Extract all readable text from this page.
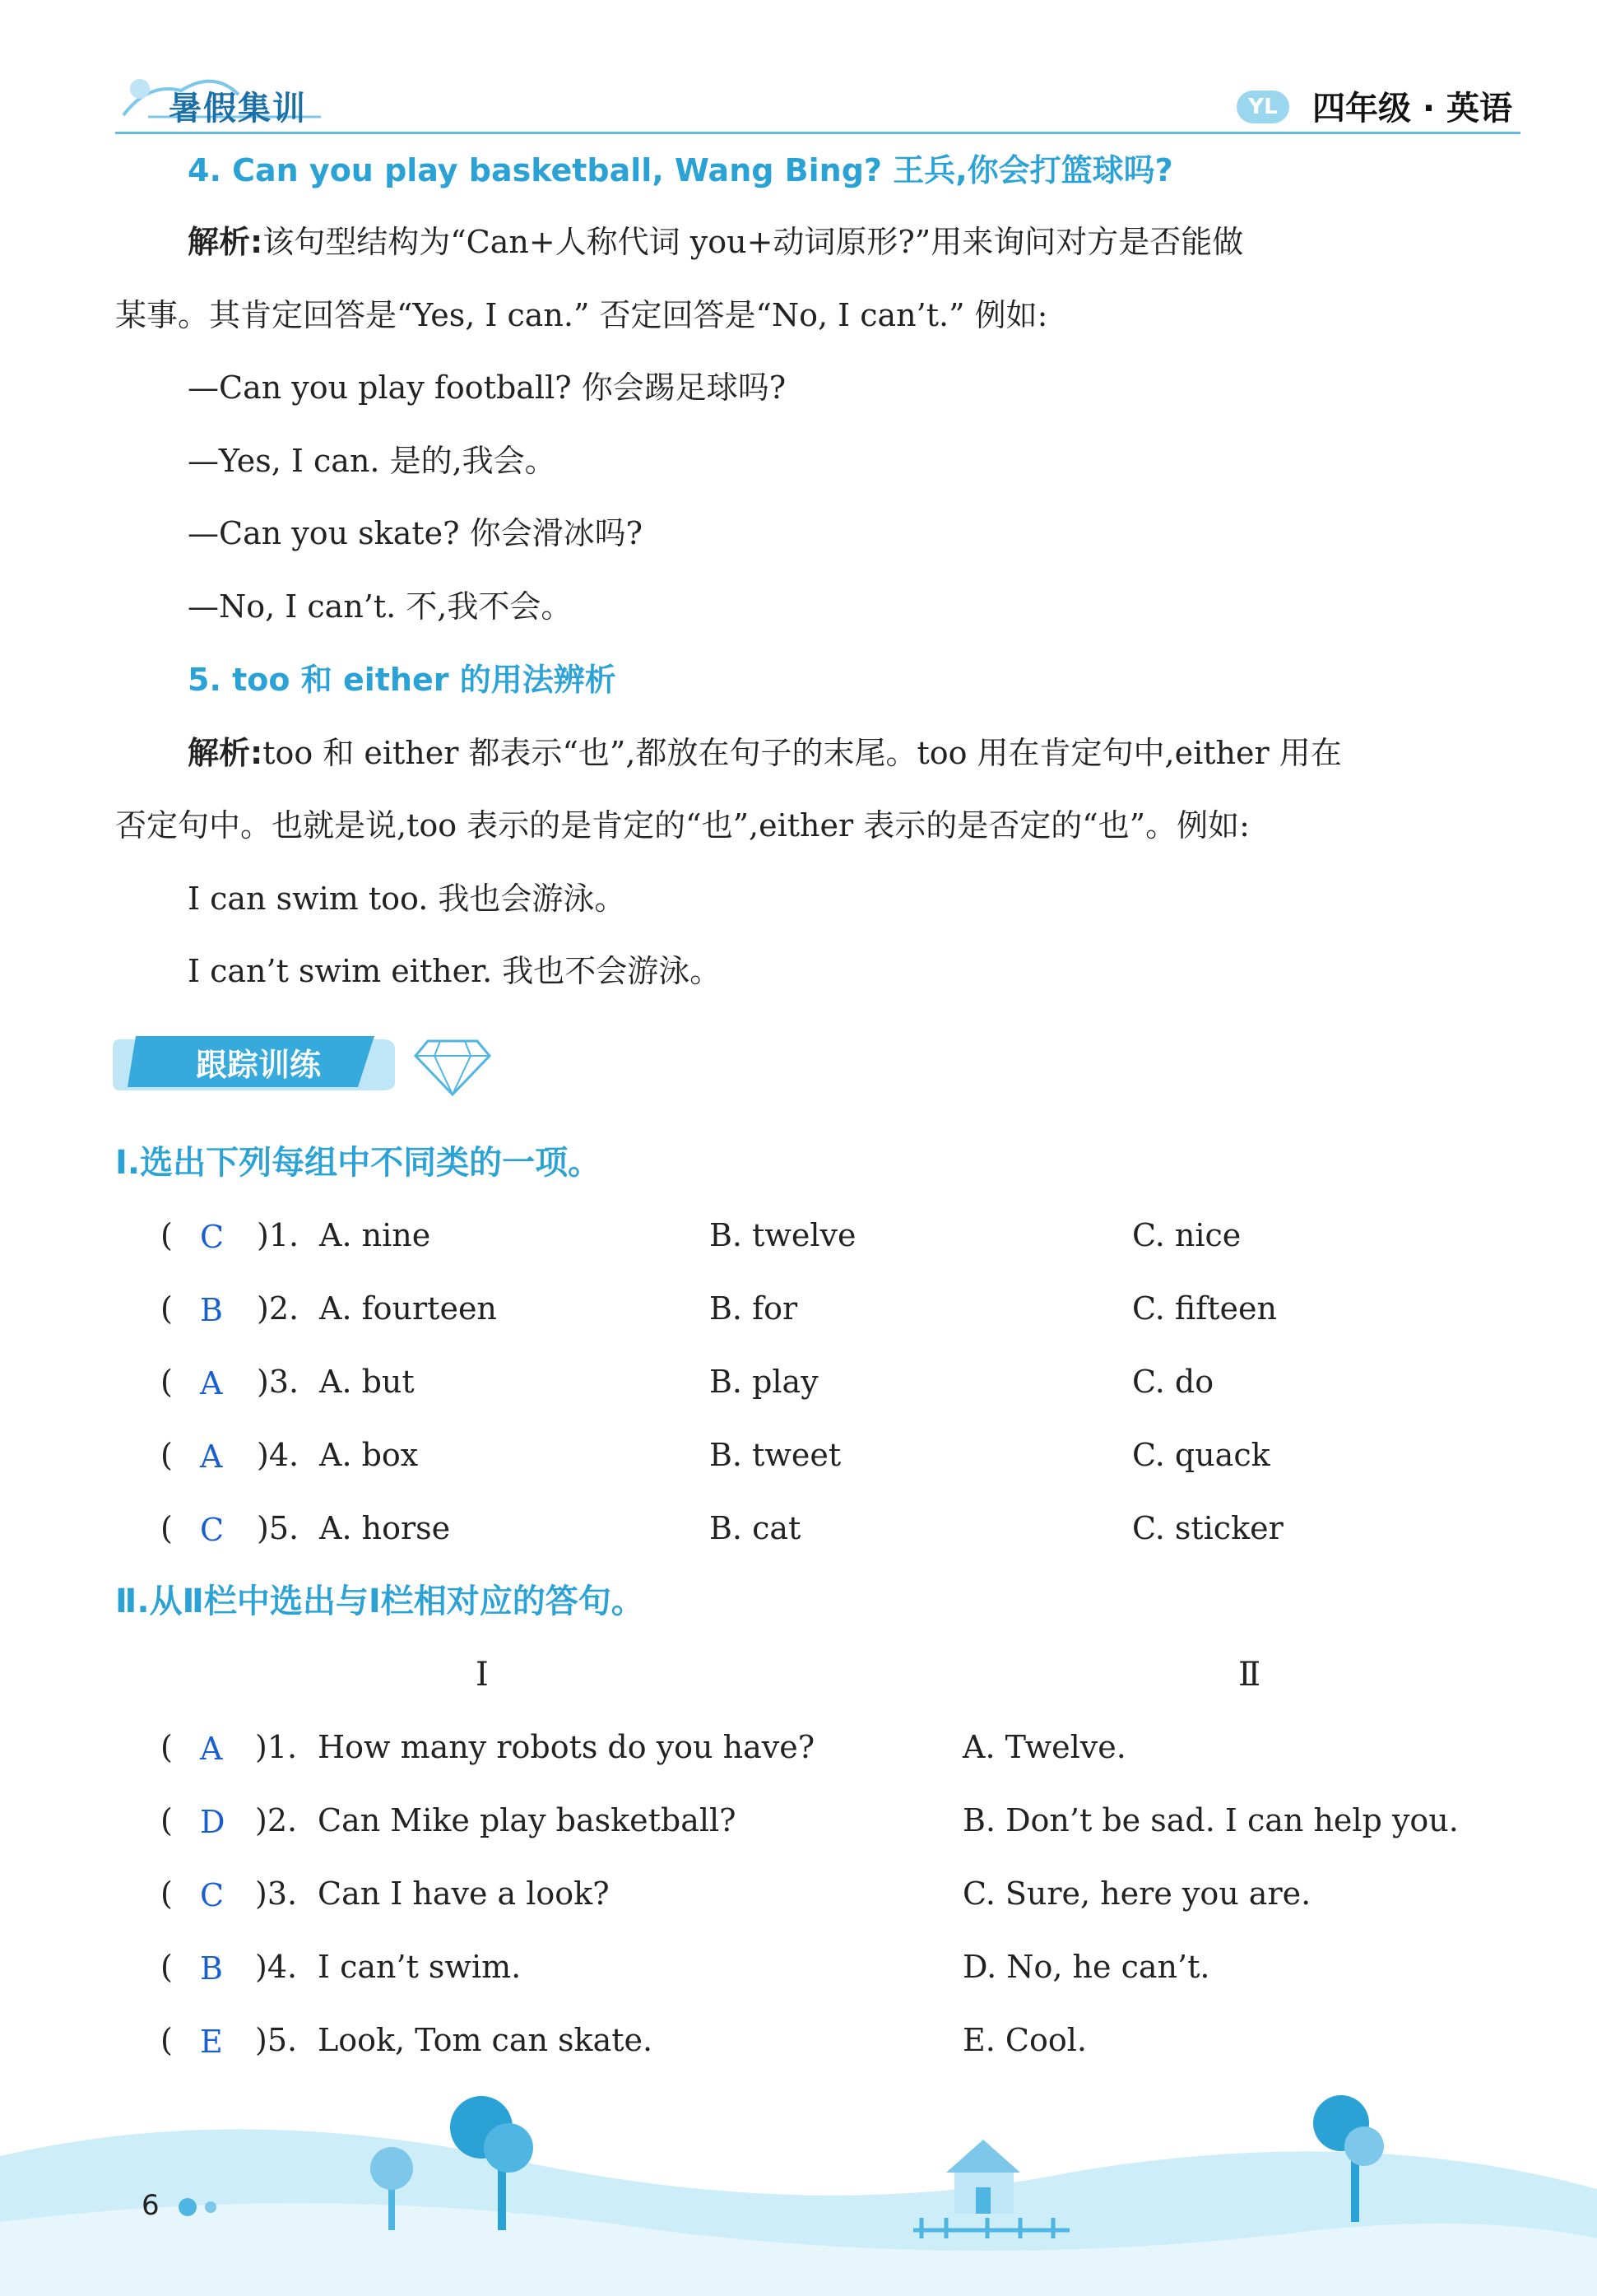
暑假集训	YL	四年级 · 英语
4. Can you play basketball, Wang Bing? 王兵,你会打篮球吗?
解析:该句型结构为“Can+人称代词 you+动词原形?”用来询问对方是否能做
某事。其肯定回答是“Yes, I can.” 否定回答是“No, I can’t.” 例如:
—Can you play football? 你会踢足球吗?
—Yes, I can. 是的,我会。
—Can you skate? 你会滑冰吗?
—No, I can’t. 不,我不会。
5. too 和 either 的用法辨析
解析:too 和 either 都表示“也”,都放在句子的末尾。too 用在肯定句中,either 用在
否定句中。也就是说,too 表示的是肯定的“也”,either 表示的是否定的“也”。例如:
I can swim too. 我也会游泳。
I can’t swim either. 我也不会游泳。
跟踪训练
Ⅰ.选出下列每组中不同类的一项。
( C )1. A. nine	B. twelve	C. nice
( B )2. A. fourteen	B. for	C. fifteen
( A )3. A. but	B. play	C. do
( A )4. A. box	B. tweet	C. quack
( C )5. A. horse	B. cat	C. sticker
Ⅱ.从Ⅱ栏中选出与Ⅰ栏相对应的答句。
Ⅰ	Ⅱ
( A )1. How many robots do you have?	A. Twelve.
( D )2. Can Mike play basketball?	B. Don’t be sad. I can help you.
( C )3. Can I have a look?	C. Sure, here you are.
( B )4. I can’t swim.	D. No, he can’t.
( E )5. Look, Tom can skate.	E. Cool.
6
